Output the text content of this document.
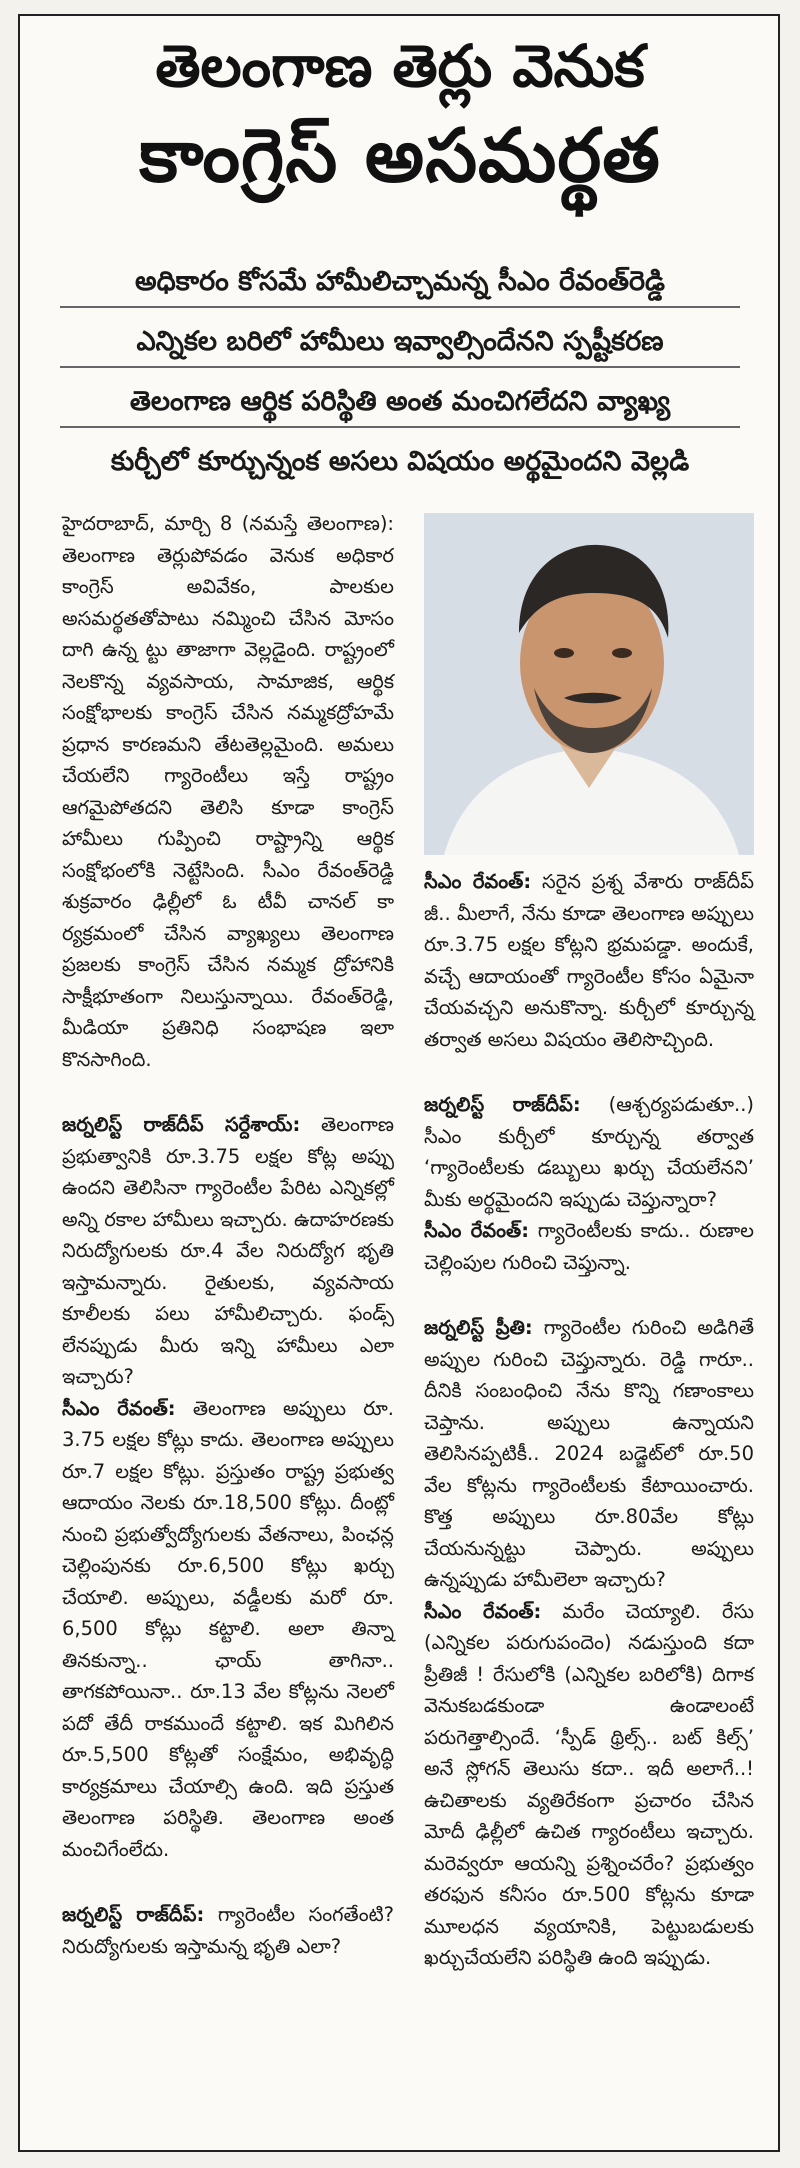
తెలంగాణ తెర్లు వెనుక
కాంగ్రెస్ అసమర్థత
అధికారం కోసమే హామీలిచ్చామన్న సీఎం రేవంత్‌రెడ్డి
ఎన్నికల బరిలో హామీలు ఇవ్వాల్సిందేనని స్పష్టీకరణ
తెలంగాణ ఆర్థిక పరిస్థితి అంత మంచిగలేదని వ్యాఖ్య
కుర్చీలో కూర్చున్నంక అసలు విషయం అర్థమైందని వెల్లడి

హైదరాబాద్, మార్చి 8 (నమస్తే తెలంగాణ): తెలంగాణ తెర్లుపోవడం వెనుక అధికార కాంగ్రెస్ అవివేకం, పాలకుల అసమర్థతతోపాటు నమ్మించి చేసిన మోసం దాగి ఉన్న ట్టు తాజాగా వెల్లడైంది. రాష్ట్రంలో నెలకొన్న వ్యవసాయ, సామాజిక, ఆర్థిక సంక్షోభాలకు కాంగ్రెస్ చేసిన నమ్మకద్రోహమే ప్రధాన కారణమని తేటతెల్లమైంది. అమలు చేయలేని గ్యారెంటీలు ఇస్తే రాష్ట్రం ఆగమైపోతదని తెలిసి కూడా కాంగ్రెస్ హామీలు గుప్పించి రాష్ట్రాన్ని ఆర్థిక సంక్షోభంలోకి నెట్టేసింది. సీఎం రేవంత్‌రెడ్డి శుక్రవారం ఢిల్లీలో ఓ టీవీ చానల్ కా ర్యక్రమంలో చేసిన వ్యాఖ్యలు తెలంగాణ ప్రజలకు కాంగ్రెస్ చేసిన నమ్మక ద్రోహానికి సాక్షీభూతంగా నిలుస్తున్నాయి. రేవంత్‌రెడ్డి, మీడియా ప్రతినిధి సంభాషణ ఇలా కొనసాగింది.

జర్నలిస్ట్ రాజ్‌దీప్ సర్దేశాయ్: తెలంగాణ ప్రభుత్వానికి రూ.3.75 లక్షల కోట్ల అప్పు ఉందని తెలిసినా గ్యారెంటీల పేరిట ఎన్నికల్లో అన్ని రకాల హామీలు ఇచ్చారు. ఉదాహరణకు నిరుద్యోగులకు రూ.4 వేల నిరుద్యోగ భృతి ఇస్తామన్నారు. రైతులకు, వ్యవసాయ కూలీలకు పలు హామీలిచ్చారు. ఫండ్స్ లేనప్పుడు మీరు ఇన్ని హామీలు ఎలా ఇచ్చారు?

సీఎం రేవంత్: తెలంగాణ అప్పులు రూ. 3.75 లక్షల కోట్లు కాదు. తెలంగాణ అప్పులు రూ.7 లక్షల కోట్లు. ప్రస్తుతం రాష్ట్ర ప్రభుత్వ ఆదాయం నెలకు రూ.18,500 కోట్లు. దీంట్లో నుంచి ప్రభుత్వోద్యోగులకు వేతనాలు, పింఛన్ల చెల్లింపునకు రూ.6,500 కోట్లు ఖర్చు చేయాలి. అప్పులు, వడ్డీలకు మరో రూ. 6,500 కోట్లు కట్టాలి. అలా తిన్నా తినకున్నా.. ఛాయ్ తాగినా.. తాగకపోయినా.. రూ.13 వేల కోట్లను నెలలో పదో తేదీ రాకముందే కట్టాలి. ఇక మిగిలిన రూ.5,500 కోట్లతో సంక్షేమం, అభివృద్ధి కార్యక్రమాలు చేయాల్సి ఉంది. ఇది ప్రస్తుత తెలంగాణ పరిస్థితి. తెలంగాణ అంత మంచిగేంలేదు.

జర్నలిస్ట్ రాజ్‌దీప్: గ్యారెంటీల సంగతేంటి? నిరుద్యోగులకు ఇస్తామన్న భృతి ఎలా?

సీఎం రేవంత్: సరైన ప్రశ్న వేశారు రాజ్‌దీప్ జీ.. మీలాగే, నేను కూడా తెలంగాణ అప్పులు రూ.3.75 లక్షల కోట్లని భ్రమపడ్డా. అందుకే, వచ్చే ఆదాయంతో గ్యారెంటీల కోసం ఏమైనా చేయవచ్చని అనుకొన్నా. కుర్చీలో కూర్చున్న తర్వాత అసలు విషయం తెలిసొచ్చింది.

జర్నలిస్ట్ రాజ్‌దీప్: (ఆశ్చర్యపడుతూ..) సీఎం కుర్చీలో కూర్చున్న తర్వాత ‘గ్యారెంటీలకు డబ్బులు ఖర్చు చేయలేనని’ మీకు అర్థమైందని ఇప్పుడు చెప్తున్నారా?

సీఎం రేవంత్: గ్యారెంటీలకు కాదు.. రుణాల చెల్లింపుల గురించి చెప్తున్నా.

జర్నలిస్ట్ ప్రీతి: గ్యారెంటీల గురించి అడిగితే అప్పుల గురించి చెప్తున్నారు. రెడ్డి గారూ.. దీనికి సంబంధించి నేను కొన్ని గణాంకాలు చెప్తాను. అప్పులు ఉన్నాయని తెలిసినప్పటికీ.. 2024 బడ్జెట్‌లో రూ.50 వేల కోట్లను గ్యారెంటీలకు కేటాయించారు. కొత్త అప్పులు రూ.80వేల కోట్లు చేయనున్నట్టు చెప్పారు. అప్పులు ఉన్నప్పుడు హామీలెలా ఇచ్చారు?

సీఎం రేవంత్: మరేం చెయ్యాలి. రేసు (ఎన్నికల పరుగుపందెం) నడుస్తుంది కదా ప్రీతిజీ ! రేసులోకి (ఎన్నికల బరిలోకి) దిగాక వెనుకబడకుండా ఉండాలంటే పరుగెత్తాల్సిందే. ‘స్పీడ్ థ్రిల్స్.. బట్ కిల్స్’ అనే స్లోగన్ తెలుసు కదా.. ఇదీ అలాగే..! ఉచితాలకు వ్యతిరేకంగా ప్రచారం చేసిన మోదీ ఢిల్లీలో ఉచిత గ్యారంటీలు ఇచ్చారు. మరెవ్వరూ ఆయన్ని ప్రశ్నించరేం? ప్రభుత్వం తరఫున కనీసం రూ.500 కోట్లను కూడా మూలధన వ్యయానికి, పెట్టుబడులకు ఖర్చుచేయలేని పరిస్థితి ఉంది ఇప్పుడు.
